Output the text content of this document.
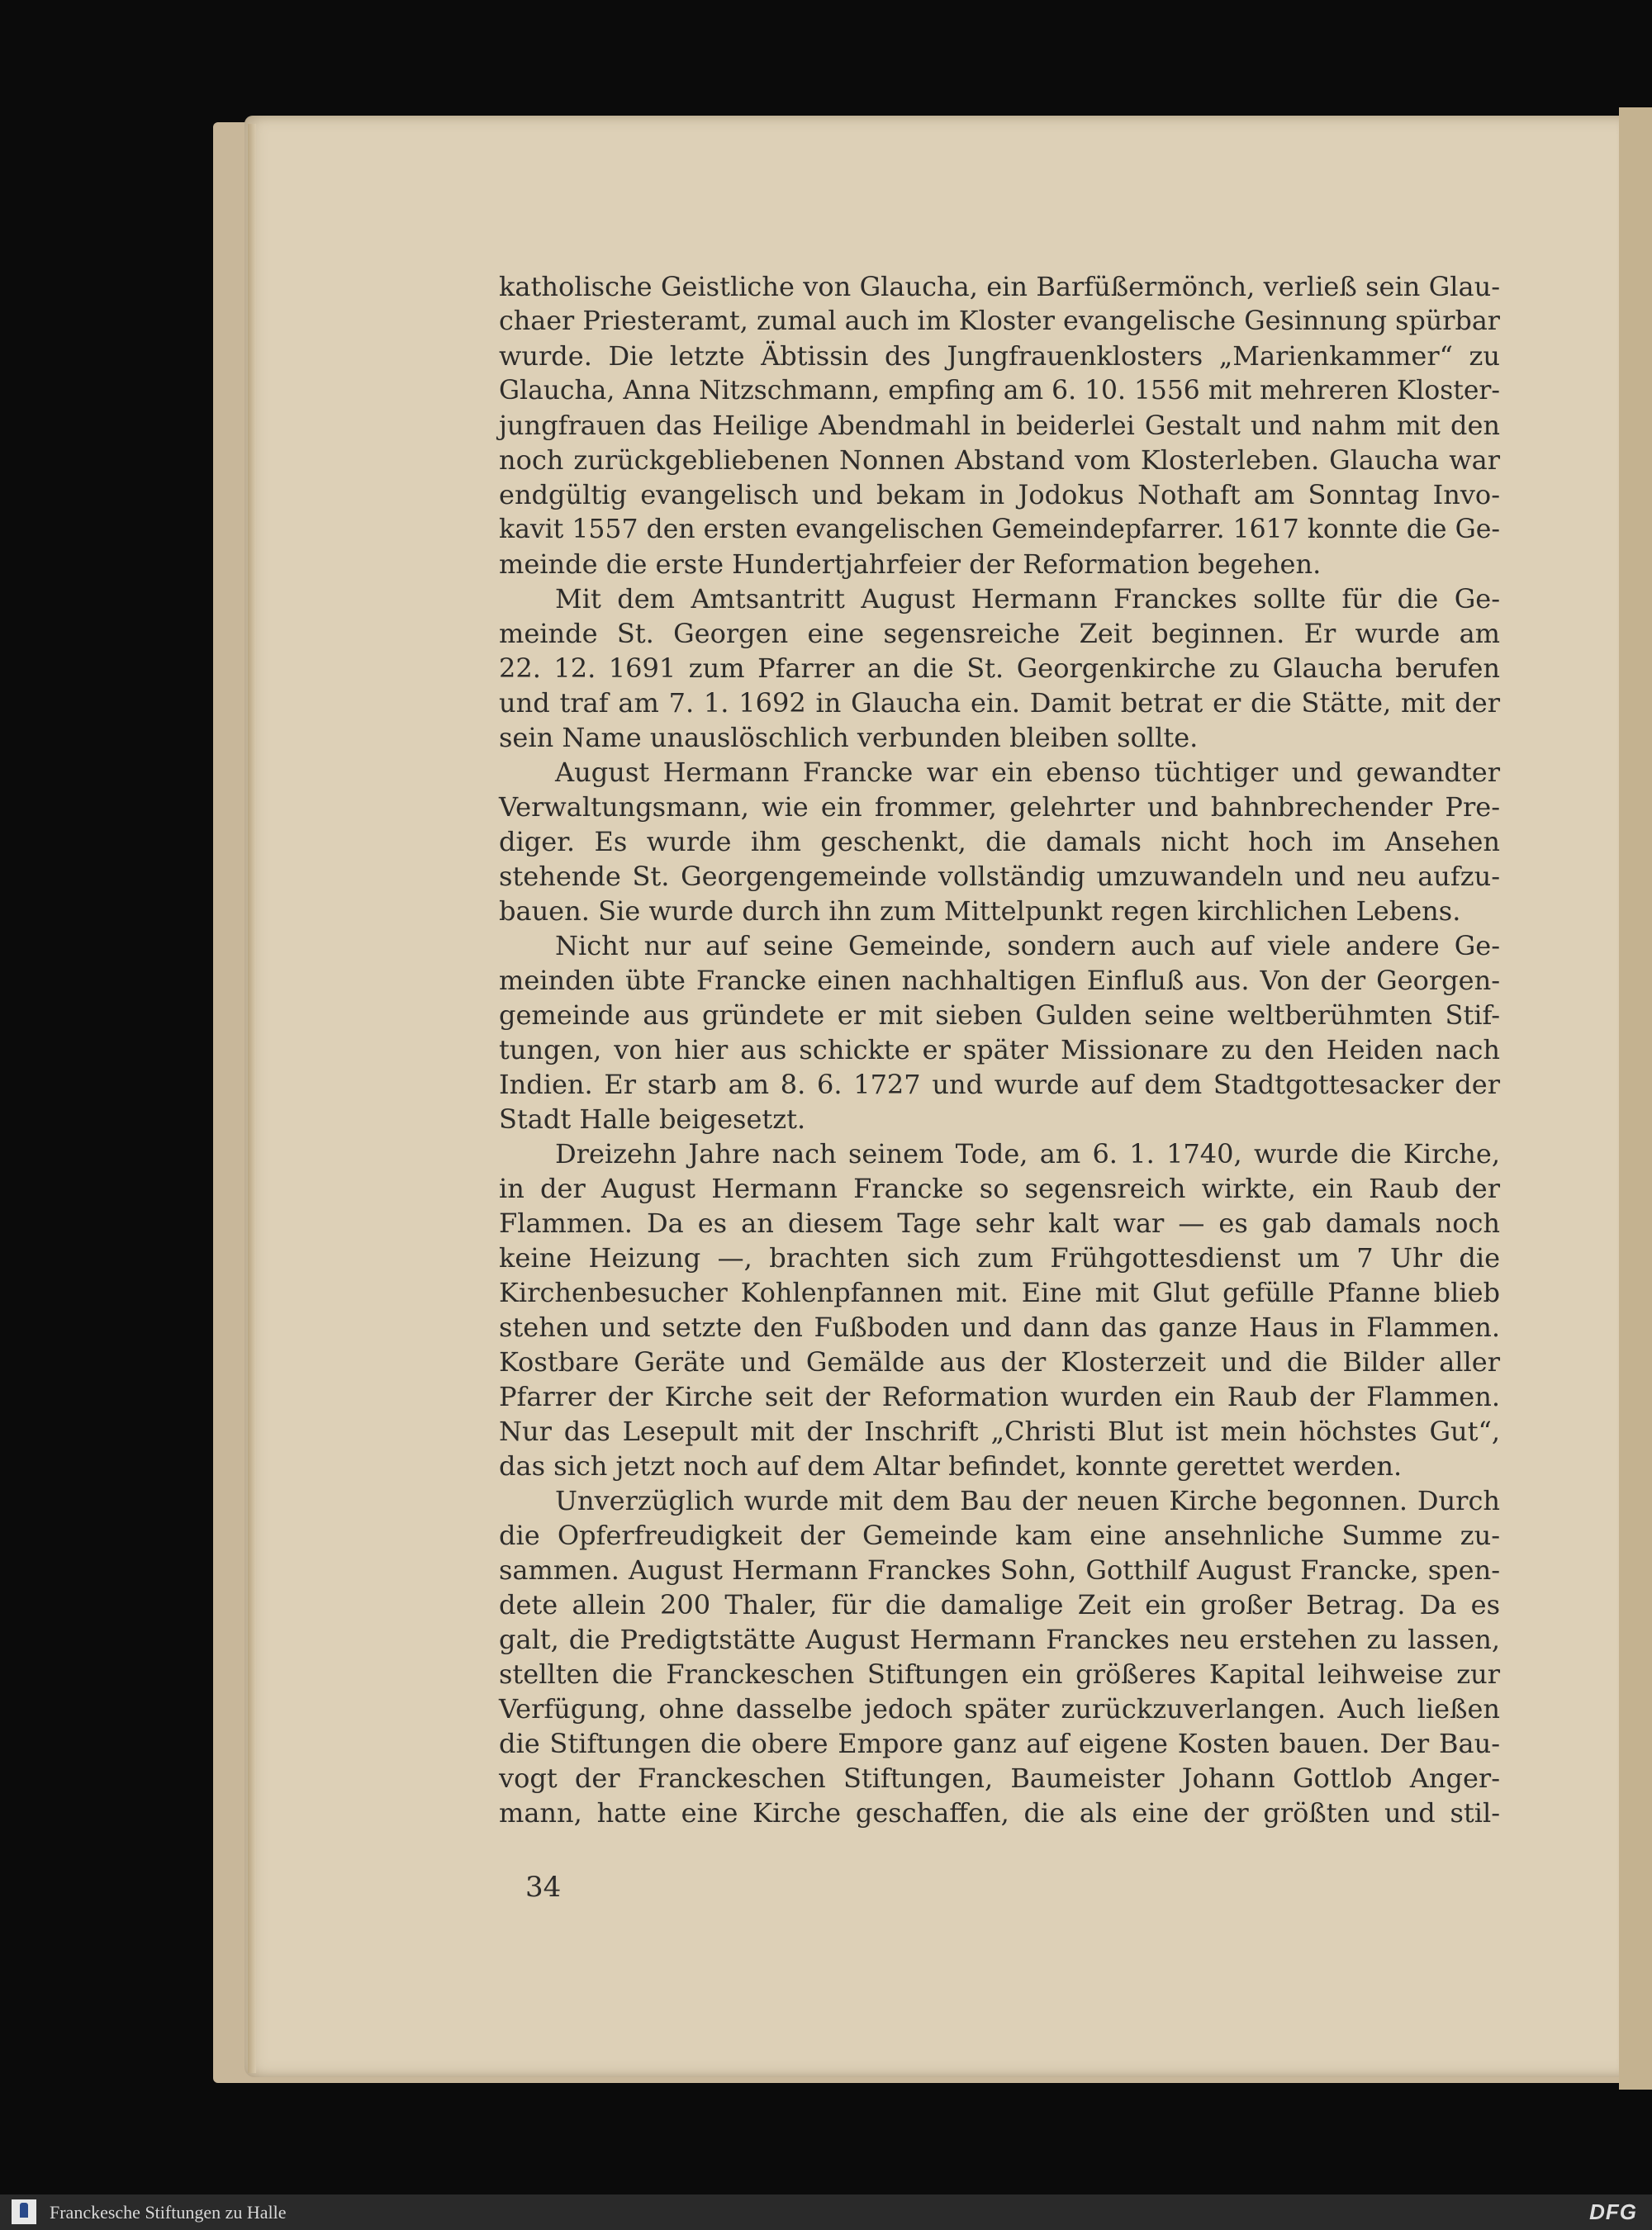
katholische Geistliche von Glaucha, ein Barfüßermönch, verließ sein Glau-
chaer Priesteramt, zumal auch im Kloster evangelische Gesinnung spürbar
wurde. Die letzte Äbtissin des Jungfrauenklosters „Marienkammer“ zu
Glaucha, Anna Nitzschmann, empfing am 6. 10. 1556 mit mehreren Kloster-
jungfrauen das Heilige Abendmahl in beiderlei Gestalt und nahm mit den
noch zurückgebliebenen Nonnen Abstand vom Klosterleben. Glaucha war
endgültig evangelisch und bekam in Jodokus Nothaft am Sonntag Invo-
kavit 1557 den ersten evangelischen Gemeindepfarrer. 1617 konnte die Ge-
meinde die erste Hundertjahrfeier der Reformation begehen.
Mit dem Amtsantritt August Hermann Franckes sollte für die Ge-
meinde St. Georgen eine segensreiche Zeit beginnen. Er wurde am
22. 12. 1691 zum Pfarrer an die St. Georgenkirche zu Glaucha berufen
und traf am 7. 1. 1692 in Glaucha ein. Damit betrat er die Stätte, mit der
sein Name unauslöschlich verbunden bleiben sollte.
August Hermann Francke war ein ebenso tüchtiger und gewandter
Verwaltungsmann, wie ein frommer, gelehrter und bahnbrechender Pre-
diger. Es wurde ihm geschenkt, die damals nicht hoch im Ansehen
stehende St. Georgengemeinde vollständig umzuwandeln und neu aufzu-
bauen. Sie wurde durch ihn zum Mittelpunkt regen kirchlichen Lebens.
Nicht nur auf seine Gemeinde, sondern auch auf viele andere Ge-
meinden übte Francke einen nachhaltigen Einfluß aus. Von der Georgen-
gemeinde aus gründete er mit sieben Gulden seine weltberühmten Stif-
tungen, von hier aus schickte er später Missionare zu den Heiden nach
Indien. Er starb am 8. 6. 1727 und wurde auf dem Stadtgottesacker der
Stadt Halle beigesetzt.
Dreizehn Jahre nach seinem Tode, am 6. 1. 1740, wurde die Kirche,
in der August Hermann Francke so segensreich wirkte, ein Raub der
Flammen. Da es an diesem Tage sehr kalt war — es gab damals noch
keine Heizung —, brachten sich zum Frühgottesdienst um 7 Uhr die
Kirchenbesucher Kohlenpfannen mit. Eine mit Glut gefülle Pfanne blieb
stehen und setzte den Fußboden und dann das ganze Haus in Flammen.
Kostbare Geräte und Gemälde aus der Klosterzeit und die Bilder aller
Pfarrer der Kirche seit der Reformation wurden ein Raub der Flammen.
Nur das Lesepult mit der Inschrift „Christi Blut ist mein höchstes Gut“,
das sich jetzt noch auf dem Altar befindet, konnte gerettet werden.
Unverzüglich wurde mit dem Bau der neuen Kirche begonnen. Durch
die Opferfreudigkeit der Gemeinde kam eine ansehnliche Summe zu-
sammen. August Hermann Franckes Sohn, Gotthilf August Francke, spen-
dete allein 200 Thaler, für die damalige Zeit ein großer Betrag. Da es
galt, die Predigtstätte August Hermann Franckes neu erstehen zu lassen,
stellten die Franckeschen Stiftungen ein größeres Kapital leihweise zur
Verfügung, ohne dasselbe jedoch später zurückzuverlangen. Auch ließen
die Stiftungen die obere Empore ganz auf eigene Kosten bauen. Der Bau-
vogt der Franckeschen Stiftungen, Baumeister Johann Gottlob Anger-
mann, hatte eine Kirche geschaffen, die als eine der größten und stil-
34
Franckesche Stiftungen zu Halle	DFG
